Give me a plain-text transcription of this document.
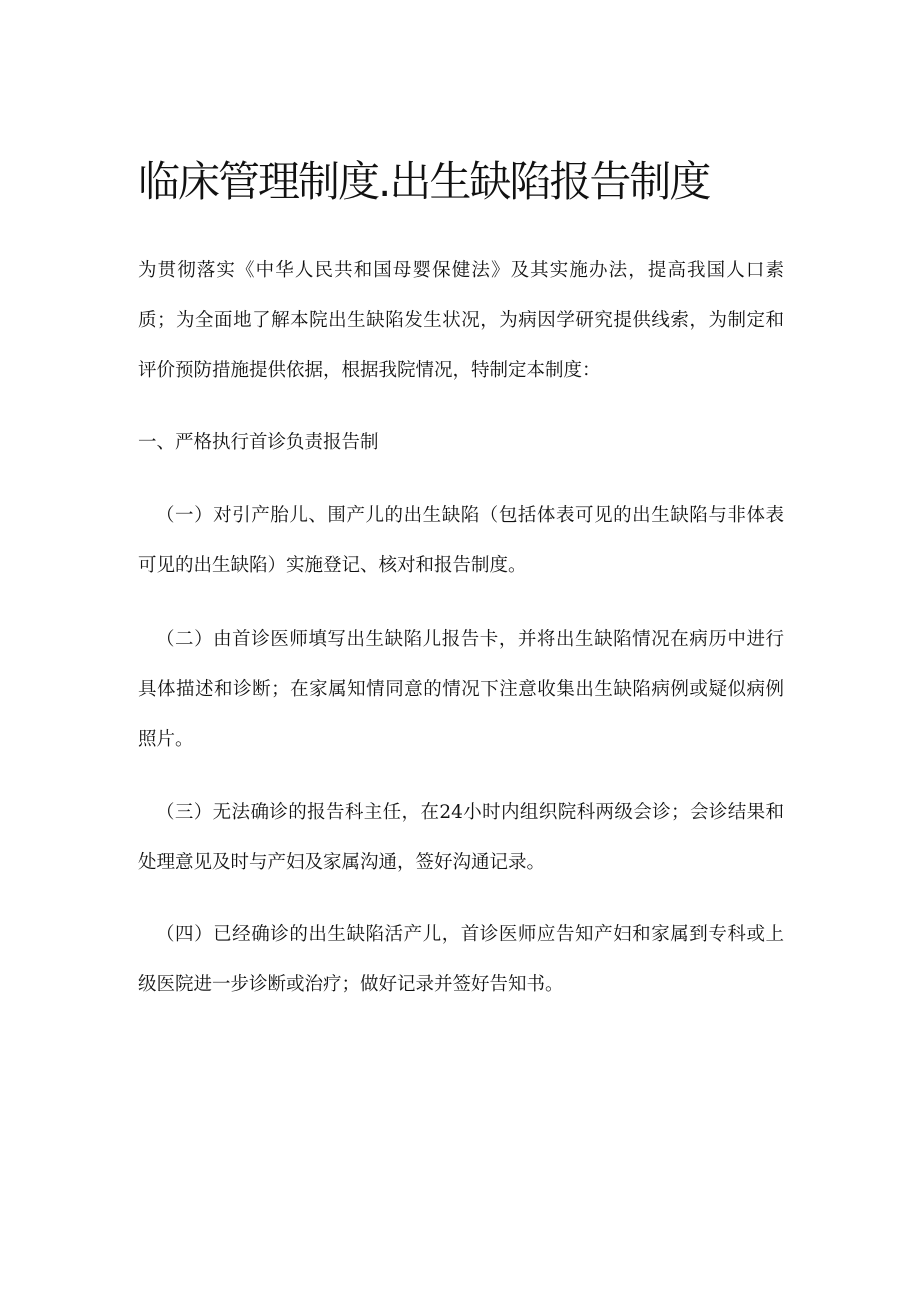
临床管理制度.出生缺陷报告制度

为贯彻落实《中华人民共和国母婴保健法》及其实施办法，提高我国人口素质；为全面地了解本院出生缺陷发生状况，为病因学研究提供线索，为制定和评价预防措施提供依据，根据我院情况，特制定本制度：

一、严格执行首诊负责报告制

（一）对引产胎儿、围产儿的出生缺陷（包括体表可见的出生缺陷与非体表可见的出生缺陷）实施登记、核对和报告制度。

（二）由首诊医师填写出生缺陷儿报告卡，并将出生缺陷情况在病历中进行具体描述和诊断；在家属知情同意的情况下注意收集出生缺陷病例或疑似病例照片。

（三）无法确诊的报告科主任，在24小时内组织院科两级会诊；会诊结果和处理意见及时与产妇及家属沟通，签好沟通记录。

（四）已经确诊的出生缺陷活产儿，首诊医师应告知产妇和家属到专科或上级医院进一步诊断或治疗；做好记录并签好告知书。
